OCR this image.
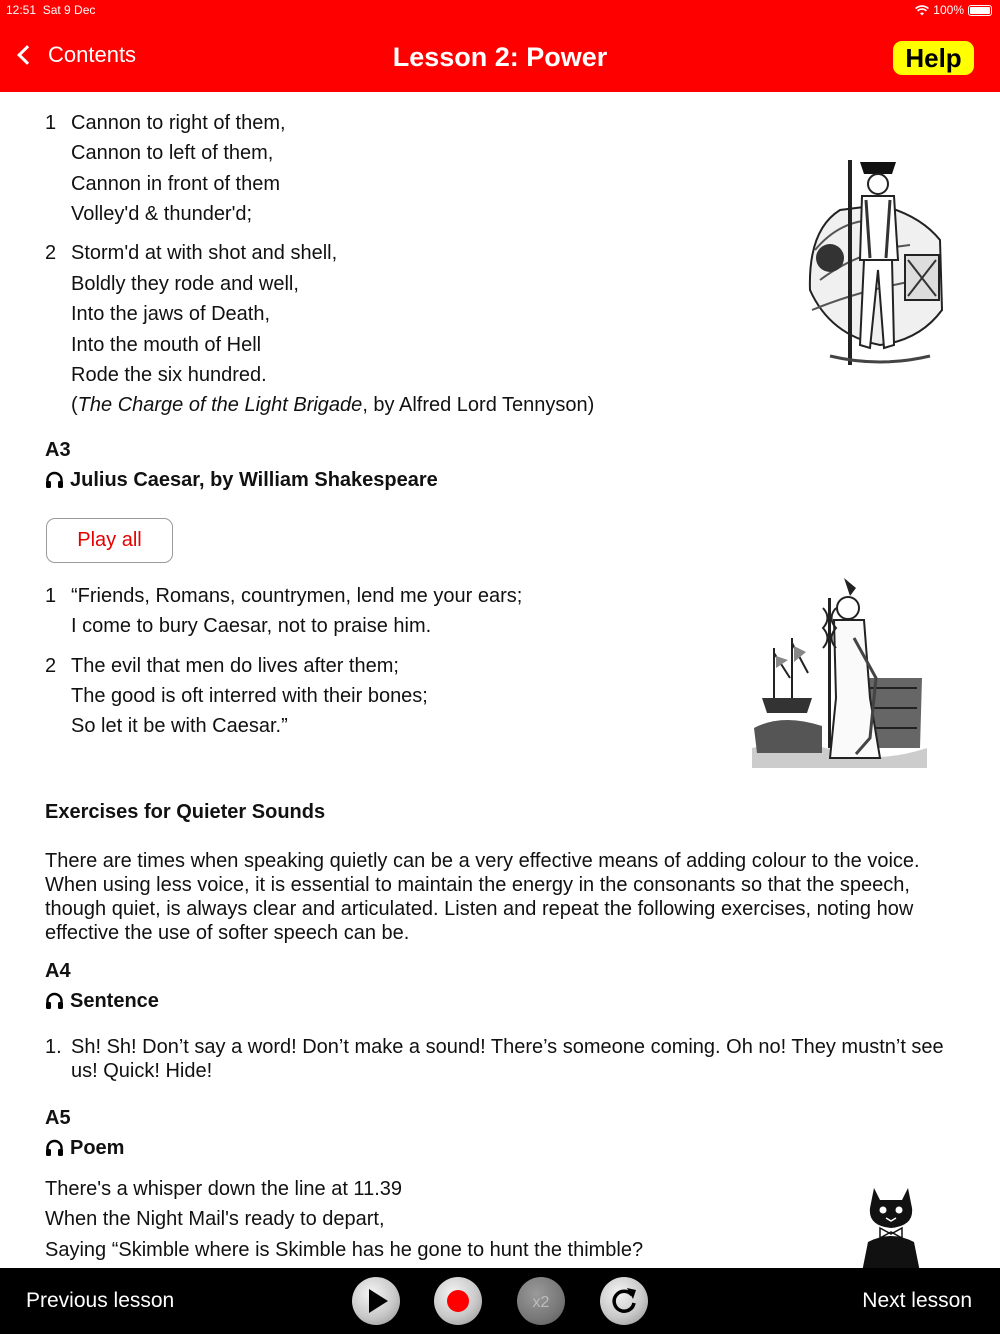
12:51 Sat 9 Dec	100%
Contents	Lesson 2: Power	Help
1 Cannon to right of them,
Cannon to left of them,
Cannon in front of them
Volley'd & thunder'd;
2 Storm'd at with shot and shell,
Boldly they rode and well,
Into the jaws of Death,
Into the mouth of Hell
Rode the six hundred.
(The Charge of the Light Brigade, by Alfred Lord Tennyson)
A3
Julius Caesar, by William Shakespeare
Play all
1 “Friends, Romans, countrymen, lend me your ears;
I come to bury Caesar, not to praise him.
2 The evil that men do lives after them;
The good is oft interred with their bones;
So let it be with Caesar.”
Exercises for Quieter Sounds

There are times when speaking quietly can be a very effective means of adding colour to the voice. When using less voice, it is essential to maintain the energy in the consonants so that the speech, though quiet, is always clear and articulated. Listen and repeat the following exercises, noting how effective the use of softer speech can be.

A4
Sentence
1. Sh! Sh! Don’t say a word! Don’t make a sound! There’s someone coming. Oh no! They mustn’t see us! Quick! Hide!

A5
Poem
There's a whisper down the line at 11.39
When the Night Mail's ready to depart,
Saying “Skimble where is Skimble has he gone to hunt the thimble?
Previous lesson	x2	Next lesson
